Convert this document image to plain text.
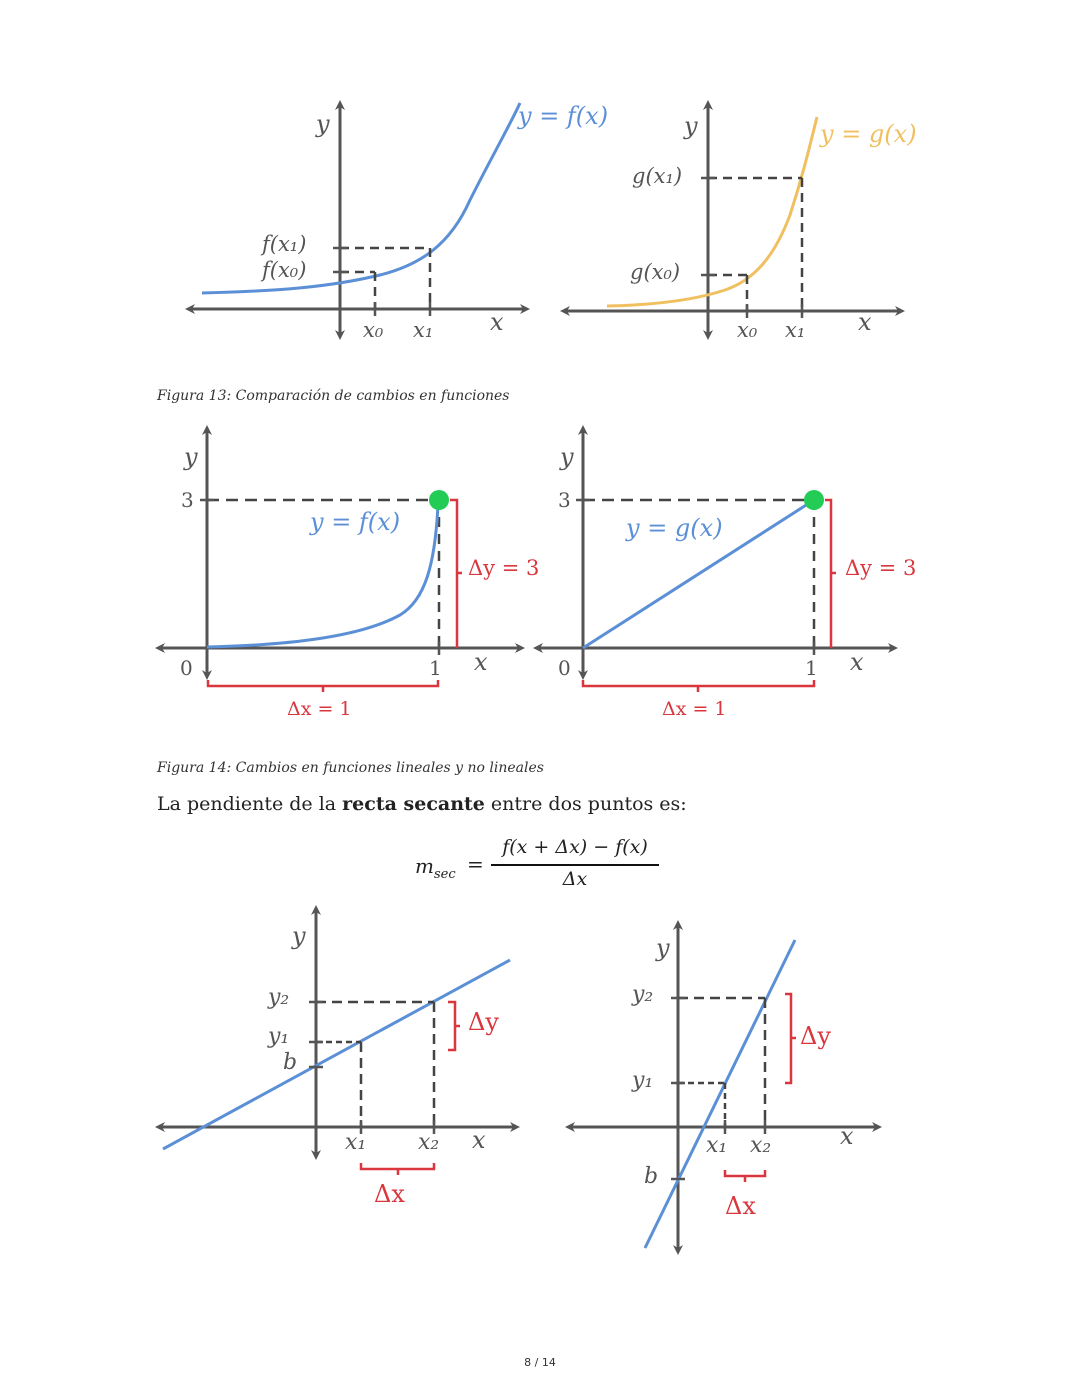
y
x
y = f(x)
f(x₁)
f(x₀)
x₀ x₁
y
x
y = g(x)
g(x₁)
g(x₀)
x₀ x₁
Figura 13: Comparación de cambios en funciones
y
3
0	1 x
y = f(x)
Δy = 3
Δx = 1
y
3
0	1 x
y = g(x)
Δy = 3
Δx = 1
Figura 14: Cambios en funciones lineales y no lineales
La pendiente de la recta secante entre dos puntos es:
$m_{sec}$ =
f(x + Δx) − f(x)
Δx
y
x
y₂
y₁
b
x₁ x₂
Δy
Δx
y
x
y₂
y₁
b
x₁ x₂
Δy
Δx
8 / 14
